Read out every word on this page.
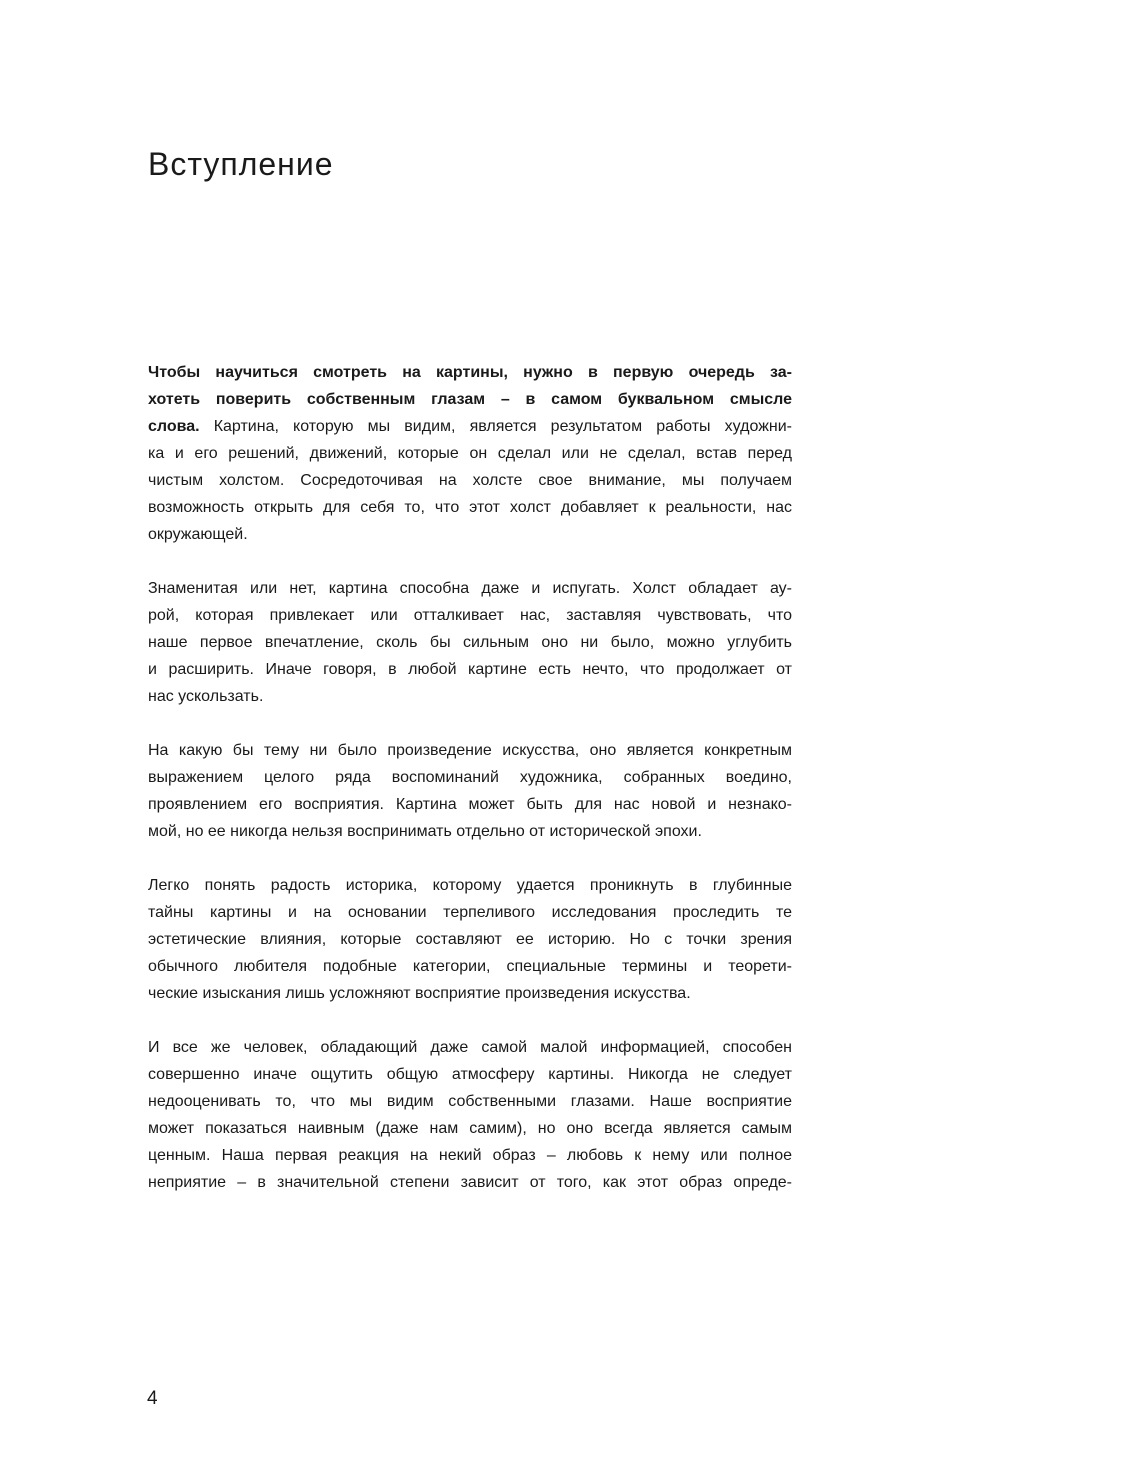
Вступление

Чтобы научиться смотреть на картины, нужно в первую очередь за-
хотеть поверить собственным глазам – в самом буквальном смысле
слова. Картина, которую мы видим, является результатом работы художни-
ка и его решений, движений, которые он сделал или не сделал, встав перед
чистым холстом. Сосредоточивая на холсте свое внимание, мы получаем
возможность открыть для себя то, что этот холст добавляет к реальности, нас
окружающей.

Знаменитая или нет, картина способна даже и испугать. Холст обладает ау-
рой, которая привлекает или отталкивает нас, заставляя чувствовать, что
наше первое впечатление, сколь бы сильным оно ни было, можно углубить
и расширить. Иначе говоря, в любой картине есть нечто, что продолжает от
нас ускользать.

На какую бы тему ни было произведение искусства, оно является конкретным
выражением целого ряда воспоминаний художника, собранных воедино,
проявлением его восприятия. Картина может быть для нас новой и незнако-
мой, но ее никогда нельзя воспринимать отдельно от исторической эпохи.

Легко понять радость историка, которому удается проникнуть в глубинные
тайны картины и на основании терпеливого исследования проследить те
эстетические влияния, которые составляют ее историю. Но с точки зрения
обычного любителя подобные категории, специальные термины и теорети-
ческие изыскания лишь усложняют восприятие произведения искусства.

И все же человек, обладающий даже самой малой информацией, способен
совершенно иначе ощутить общую атмосферу картины. Никогда не следует
недооценивать то, что мы видим собственными глазами. Наше восприятие
может показаться наивным (даже нам самим), но оно всегда является самым
ценным. Наша первая реакция на некий образ – любовь к нему или полное
неприятие – в значительной степени зависит от того, как этот образ опреде-

4
